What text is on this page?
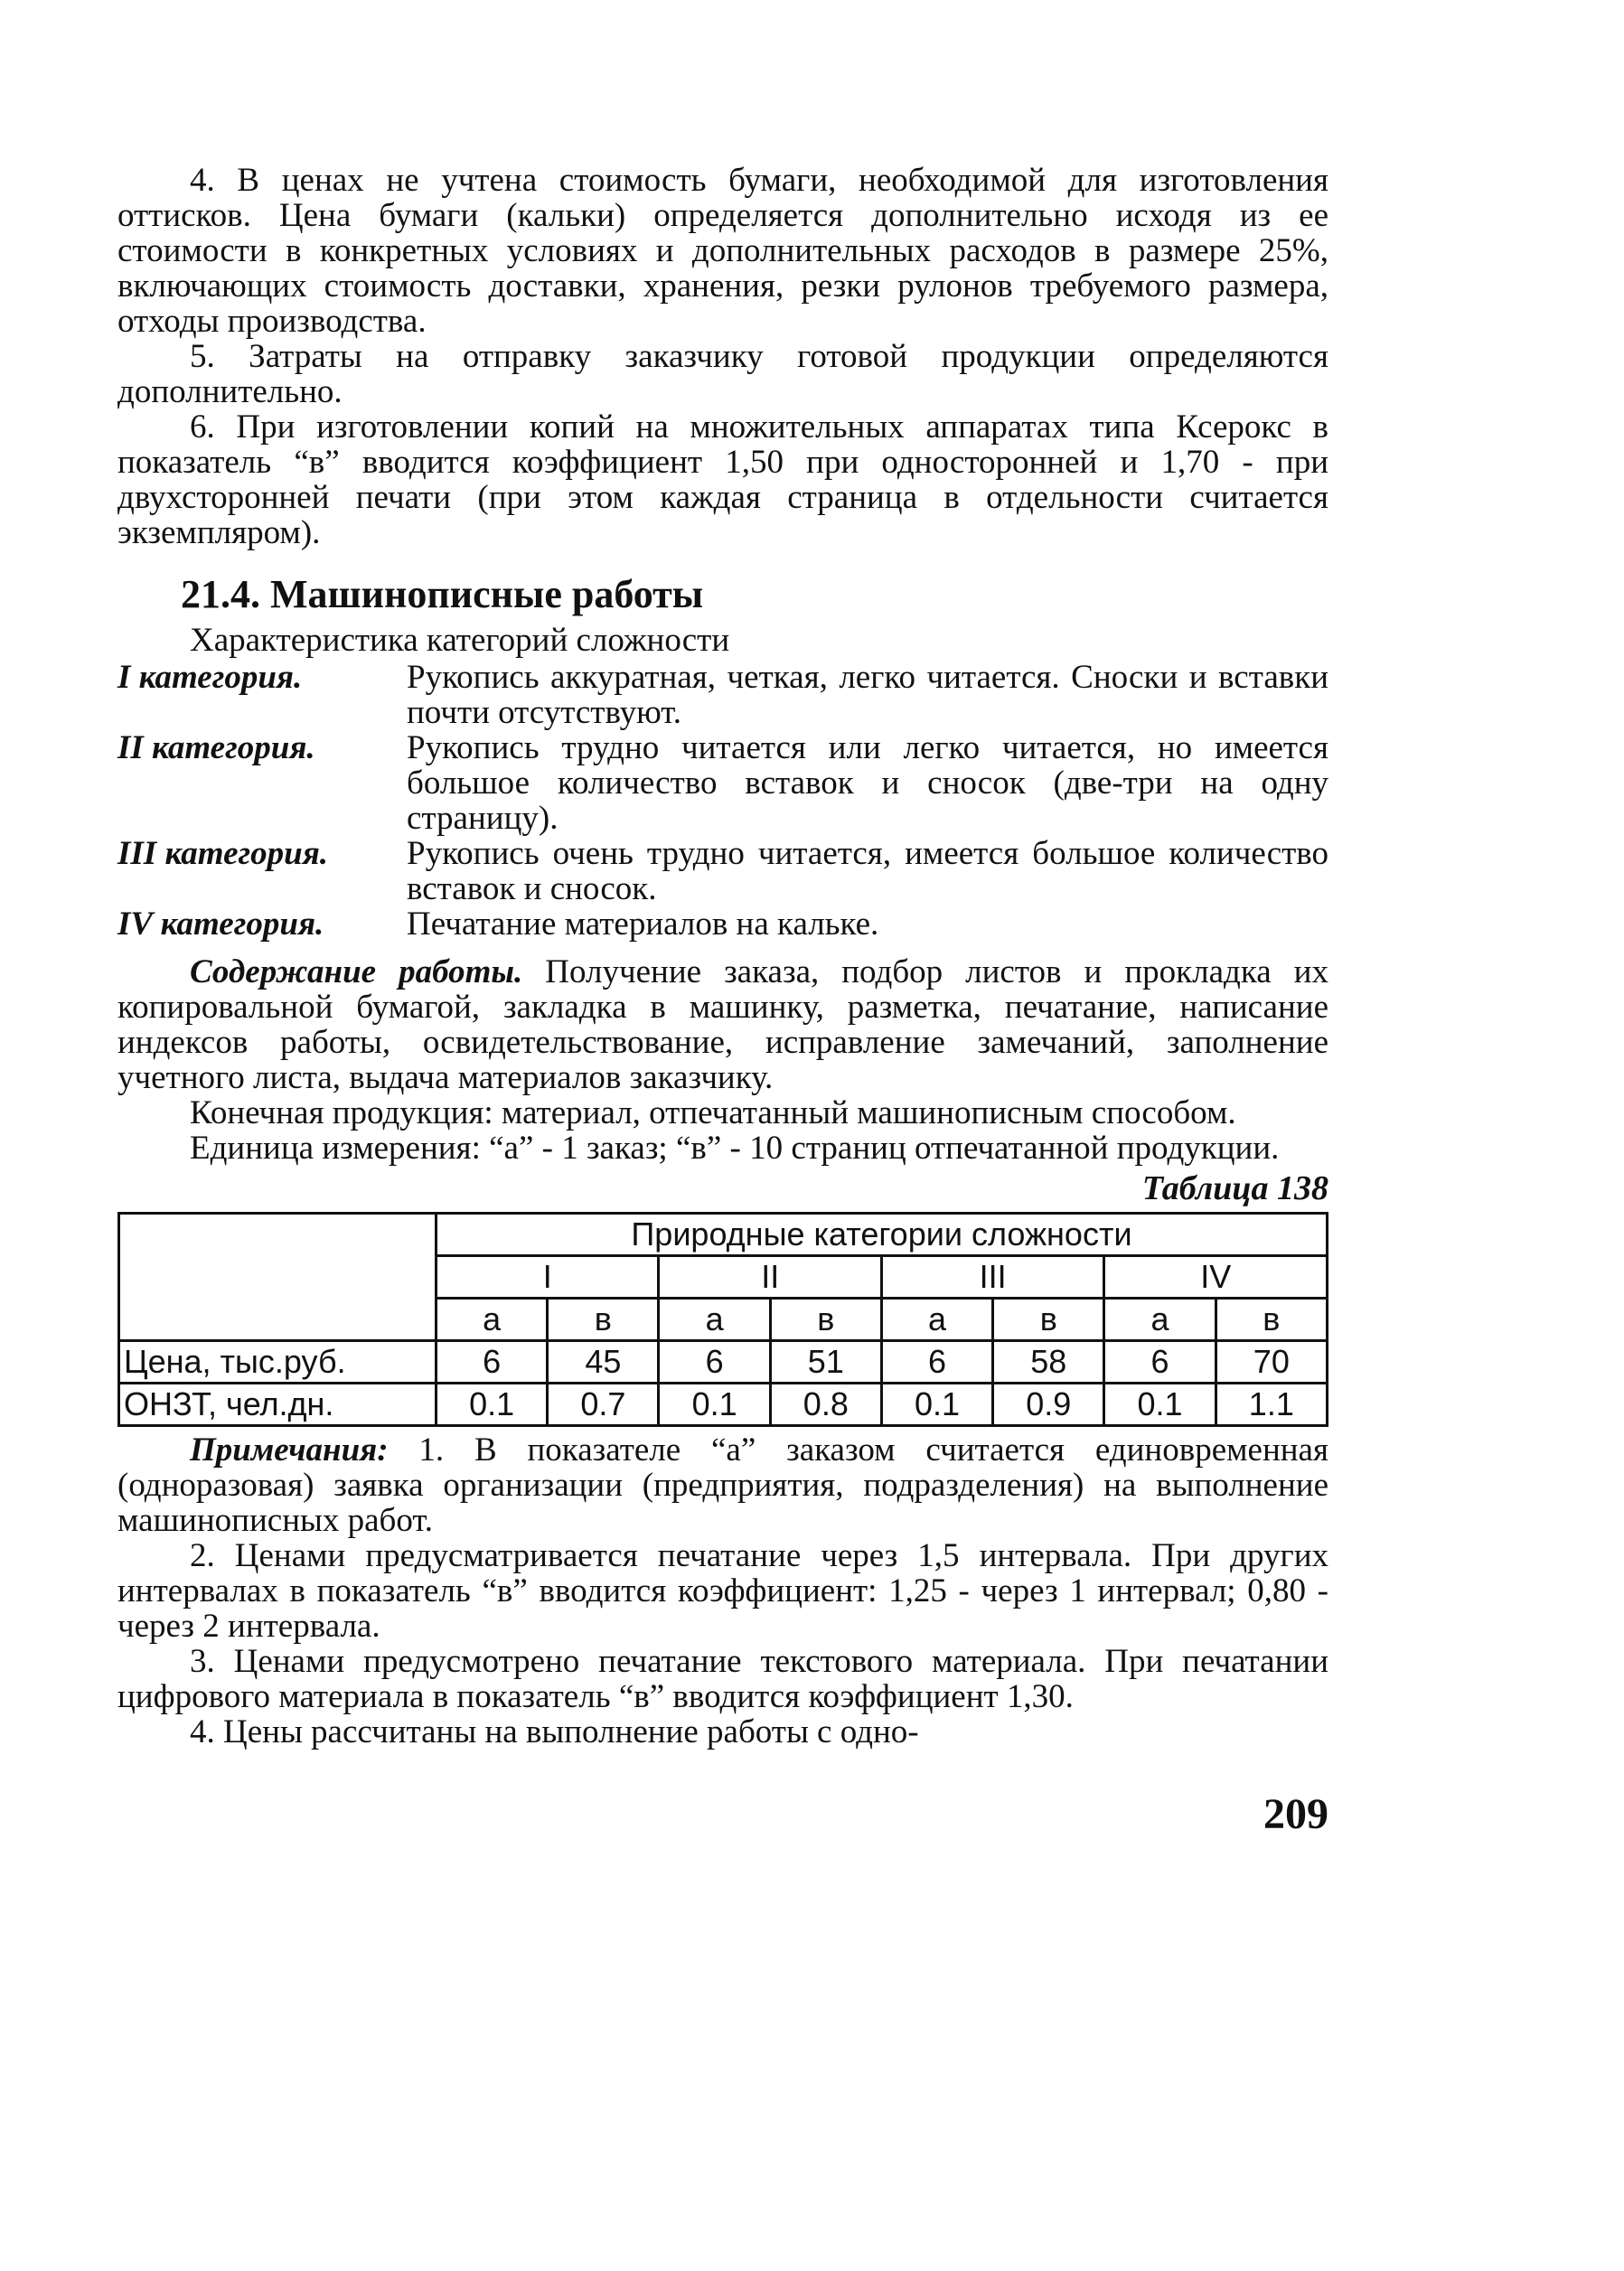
4. В ценах не учтена стоимость бумаги, необходимой для изготовления оттисков. Цена бумаги (кальки) определяется дополнительно исходя из ее стоимости в конкретных условиях и дополнительных расходов в размере 25%, включающих стоимость доставки, хранения, резки рулонов требуемого размера, отходы производства.

5. Затраты на отправку заказчику готовой продукции определяются дополнительно.

6. При изготовлении копий на множительных аппаратах типа Ксерокс в показатель “в” вводится коэффициент 1,50 при односторонней и 1,70 - при двухсторонней печати (при этом каждая страница в отдельности считается экземпляром).

21.4. Машинописные работы

Характеристика категорий сложности

I категория.	Рукопись аккуратная, четкая, легко читается. Сноски и вставки почти отсутствуют.
II категория.	Рукопись трудно читается или легко читается, но имеется большое количество вставок и сносок (две-три на одну страницу).
III категория.	Рукопись очень трудно читается, имеется большое количество вставок и сносок.
IV категория.	Печатание материалов на кальке.

Содержание работы. Получение заказа, подбор листов и прокладка их копировальной бумагой, закладка в машинку, разметка, печатание, написание индексов работы, освидетельствование, исправление замечаний, заполнение учетного листа, выдача материалов заказчику.

Конечная продукция: материал, отпечатанный машинописным способом.

Единица измерения: “а” - 1 заказ; “в” - 10 страниц отпечатанной продукции.

Таблица 138
	Природные категории сложности							
	I		II		III		IV	
	а	в	а	в	а	в	а	в
Цена, тыс.руб.	6	45	6	51	6	58	6	70
ОНЗТ, чел.дн.	0.1	0.7	0.1	0.8	0.1	0.9	0.1	1.1

Примечания: 1. В показателе “а” заказом считается единовременная (одноразовая) заявка организации (предприятия, подразделения) на выполнение машинописных работ.

2. Ценами предусматривается печатание через 1,5 интервала. При других интервалах в показатель “в” вводится коэффициент: 1,25 - через 1 интервал; 0,80 - через 2 интервала.

3. Ценами предусмотрено печатание текстового материала. При печатании цифрового материала в показатель “в” вводится коэффициент 1,30.

4. Цены рассчитаны на выполнение работы с одно-

209
